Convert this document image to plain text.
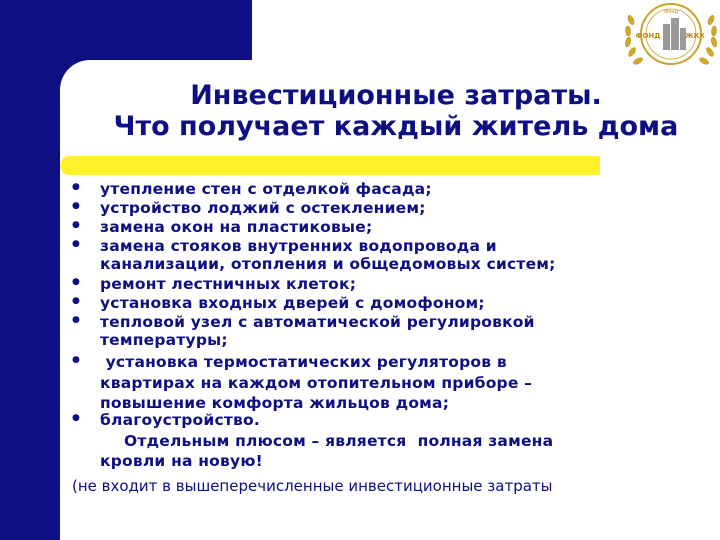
Фонд
ФОНД	ЖКХ
Инвестиционные затраты.
Что получает каждый житель дома
●
●
●
●
●
●
●
●
●
утепление стен с отделкой фасада;
устройство лоджий с остеклением;
замена окон на пластиковые;
замена стояков внутренних водопровода и
канализации, отопления и общедомовых систем;
ремонт лестничных клеток;
установка входных дверей с домофоном;
тепловой узел с автоматической регулировкой
температуры;
установка термостатических регуляторов в
квартирах на каждом отопительном приборе –
повышение комфорта жильцов дома;
благоустройство.
Отдельным плюсом – является  полная замена
кровли на новую!
(не входит в вышеперечисленные инвестиционные затраты
